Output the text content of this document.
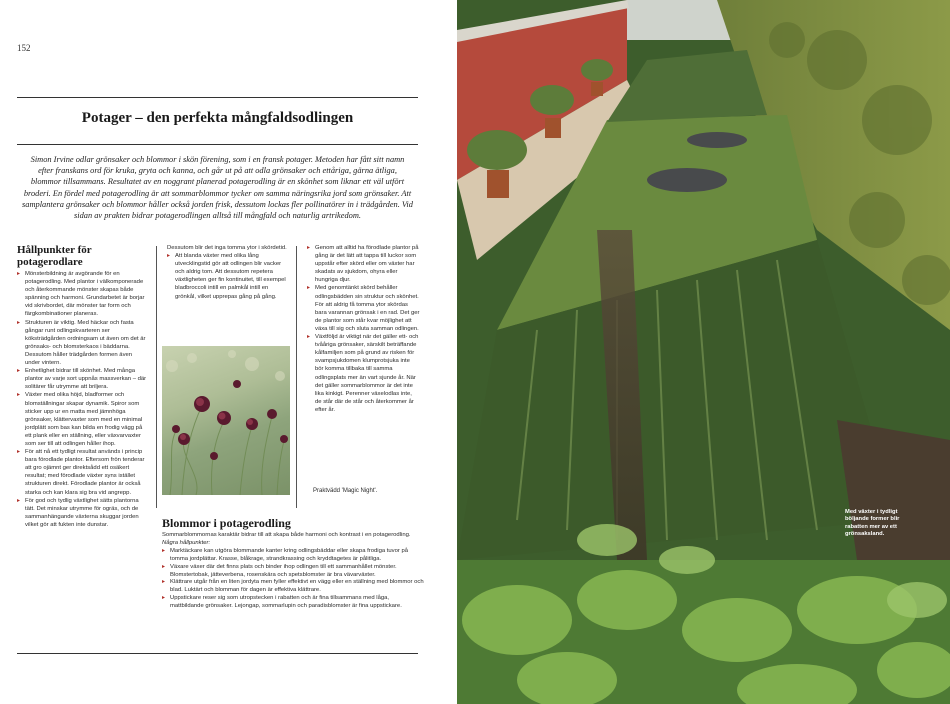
152
Potager – den perfekta mångfaldsodlingen

Simon Irvine odlar grönsaker och blommor i skön förening, som i en fransk potager. Metoden har fått sitt namn efter franskans ord för kruka, gryta och kanna, och går ut på att odla grönsaker och ettåriga, gärna ätliga, blommor tillsammans. Resultatet av en noggrant planerad potagerodling är en skönhet som liknar ett väl utfört broderi. En fördel med potagerodling är att sommarblommor tycker om samma näringsrika jord som grönsaker. Att samplantera grönsaker och blommor håller också jorden frisk, dessutom lockas fler pollinatörer in i trädgården. Vid sidan av prakten bidrar potagerodlingen alltså till mångfald och naturlig artrikedom.

Hållpunkter för potagerodlare
▸ Mönsterbildning är avgörande för en potagerodling. Med plantor i välkomponerade och återkommande mönster skapas både spänning och harmoni. Grundarbetet är borjar vid skrivbordet, där mönster tar form och färgkombinationer planeras.
▸ Strukturen är viktig. Med häckar och fasta gångar runt odlingskvarteren ser köksträdgården ordningsam ut även om det är grönsaks- och blomsterkaos i bäddarna. Dessutom håller trädgården formen även under vintern.
▸ Enhetlighet bidrar till skönhet. Med många plantor av varje sort uppnås massverkan – där solitärer får utrymme att briljera.
▸ Växter med olika höjd, bladformer och blomställningar skapar dynamik. Spiror som sticker upp ur en matta med jämnhöga grönsaker, klättervaxter som med en minimal jordplätt som bas kan bilda en frodig vägg på ett plank eller en ställning, eller växvarvaxter som ser till att odlingen håller ihop.
▸ För att nå ett tydligt resultat används i princip bara förodlade plantor. Eftersom frön tenderar att gro ojämnt ger direktsådd ett osäkert resultat; med förodlade växter syns istället strukturen direkt. Förodlade plantor är också starka och kan klara sig bra vid angrepp.
▸ För god och tydlig växtlighet sätts plantorna tätt. Det minskar utrymme för ogräs, och de sammanhängande växterna skuggar jorden vilket gör att fukten inte dunstar.

Dessutom blir det inga tomma ytor i skördetid.

▸ Att blanda växter med olika lång utvecklingstid gör att odlingen blir vacker och aldrig tom. Att dessutom repetera växtligheten ger fin kontinuitet, till exempel bladbroccoli intill en palmkål intill en grönkål, vilket upprepas gång på gång.
▸ Genom att alltid ha förodlade plantor på gång är det lätt att tappa till luckor som uppstår efter skörd eller om växter har skadats av sjukdom, ohyra eller hungriga djur.
▸ Med genomtänkt skörd behåller odlingsbädden sin struktur och skönhet. För att aldrig få tomma ytor skördas bara varannan grönsak i en rad. Det ger de plantor som står kvar möjlighet att växa till sig och sluta samman odlingen.
▸ Växtföljd är viktigt när det gäller ett- och tvååriga grönsaker, särskilt beträffande kålfamiljen som på grund av risken för svampsjukdomen klumprotsjuka inte bör komma tillbaka till samma odlingsplats mer än vart sjunde år. När det gäller sommarblommor är det inte lika kinkigt. Perenner växelodlas inte, de står där de står och återkommer år efter år.
Praktvädd 'Magic Night'.
Blommor i potagerodling

Sommarblommornas karaktär bidrar till att skapa både harmoni och kontrast i en potagerodling. Några hållpunkter:

▸ Marktäckare kan utgöra blommande kanter kring odlingsbäddar eller skapa frodiga tuvor på tomma jordplättar. Krasse, blåkrage, strandkrassing och kryddtagetes är pålitliga.
▸ Växare växer där det finns plats och binder ihop odlingen till ett sammanhållet mönster. Blomstertobak, jätteverbena, rosenskära och spetsblomster är bra vävarväxter.
▸ Klättrare utgår från en liten jordyta men fyller effektivt en vägg eller en ställning med blommor och blad. Luktärt och blomman för dagen är effektiva klättrare.
▸ Uppstickare reser sig som utropstecken i rabatten och är fina tillsammans med låga, mattbildande grönsaker. Lejongap, sommarlupin och paradisblomster är fina uppstickare.
Med växter i tydligt böljande former blir rabatten mer av ett grönsaksland.
